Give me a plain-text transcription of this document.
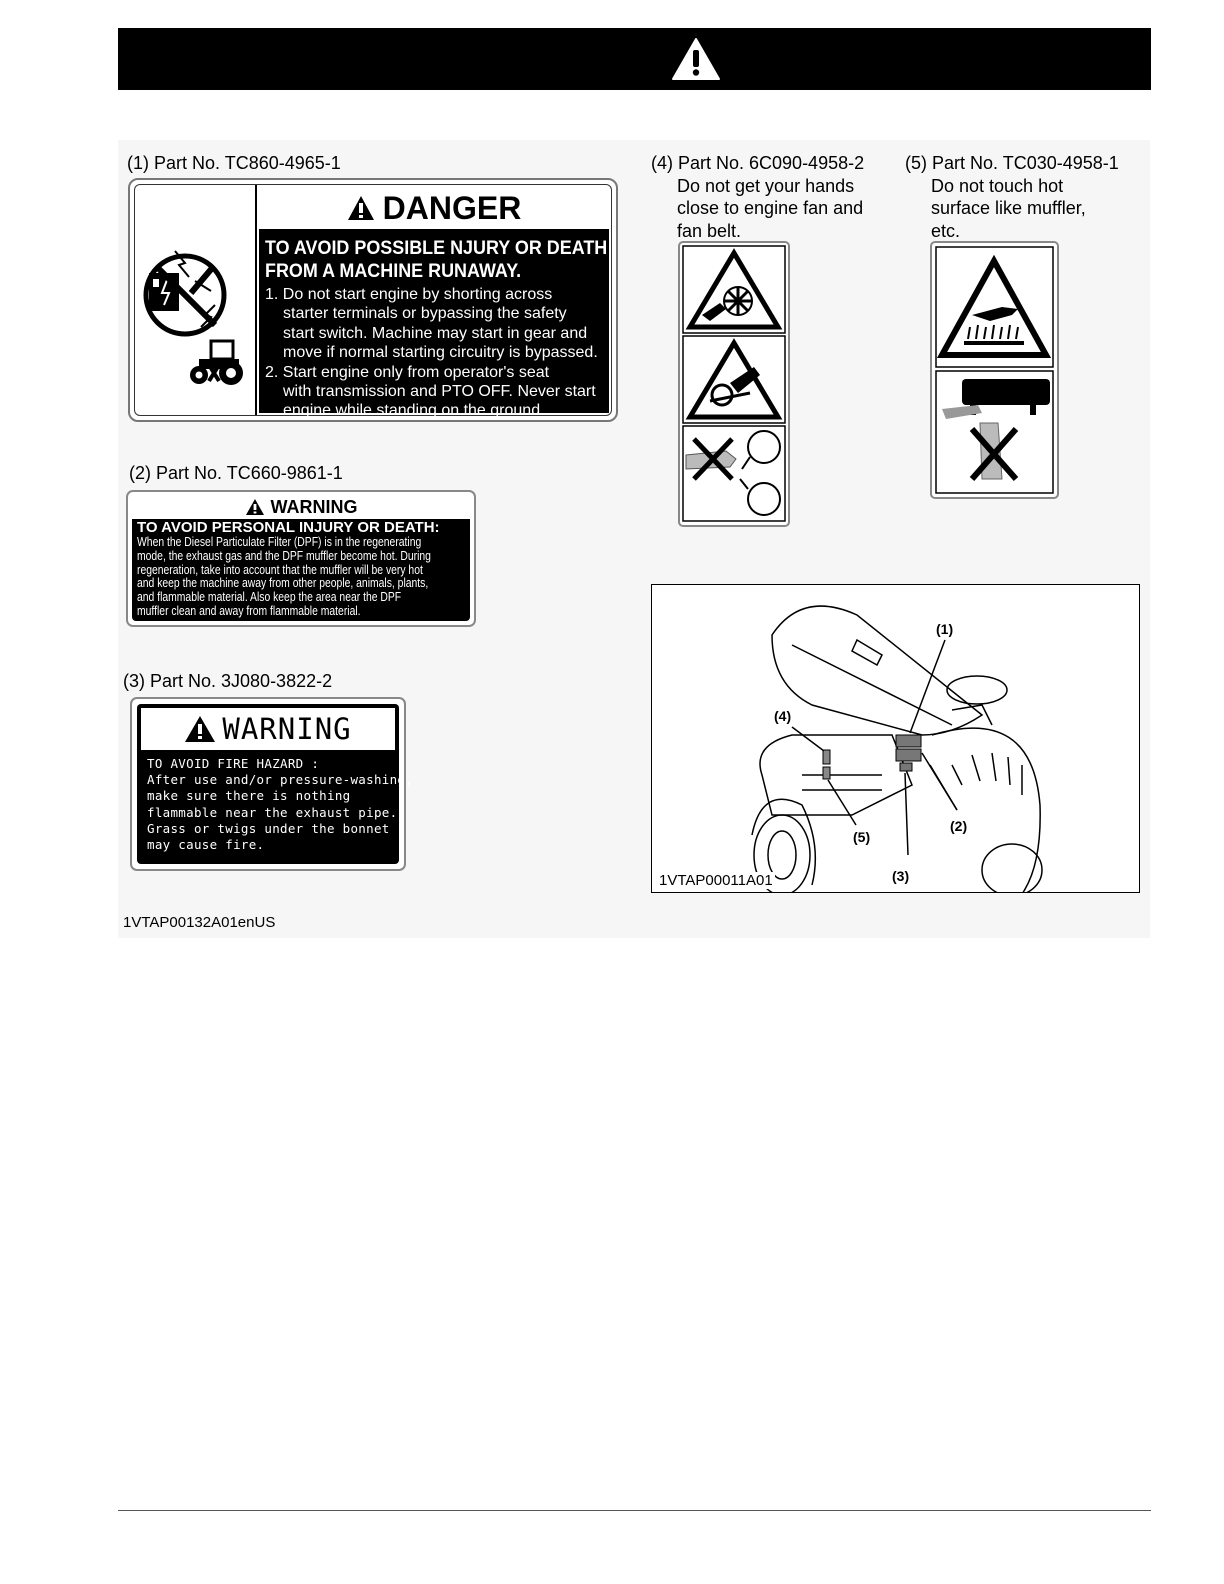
(1) Part No. TC860-4965-1
DANGER
TO AVOID POSSIBLE NJURY OR DEATH
FROM A MACHINE RUNAWAY.
1. Do not start engine by shorting across
starter terminals or bypassing the safety
start switch. Machine may start in gear and
move if normal starting circuitry is bypassed.
2. Start engine only from operator's seat
with transmission and PTO OFF. Never start
engine while standing on the ground.
(2) Part No. TC660-9861-1
WARNING
TO AVOID PERSONAL INJURY OR DEATH:
When the Diesel Particulate Filter (DPF) is in the regenerating
mode, the exhaust gas and the DPF muffler become hot. During
regeneration, take into account that the muffler will be very hot
and keep the machine away from other people, animals, plants,
and flammable material. Also keep the area near the DPF
muffler clean and away from flammable material.
(3) Part No. 3J080-3822-2
WARNING
TO AVOID FIRE HAZARD :
After use and/or pressure-washing,
make sure there is nothing
flammable near the exhaust pipe.
Grass or twigs under the bonnet
may cause fire.
(4) Part No. 6C090-4958-2
Do not get your hands
close to engine fan and
fan belt.
(5) Part No. TC030-4958-1
Do not touch hot
surface like muffler,
etc.
(1)
(2)
(3)
(4)
(5)
1VTAP00011A01
1VTAP00132A01enUS
